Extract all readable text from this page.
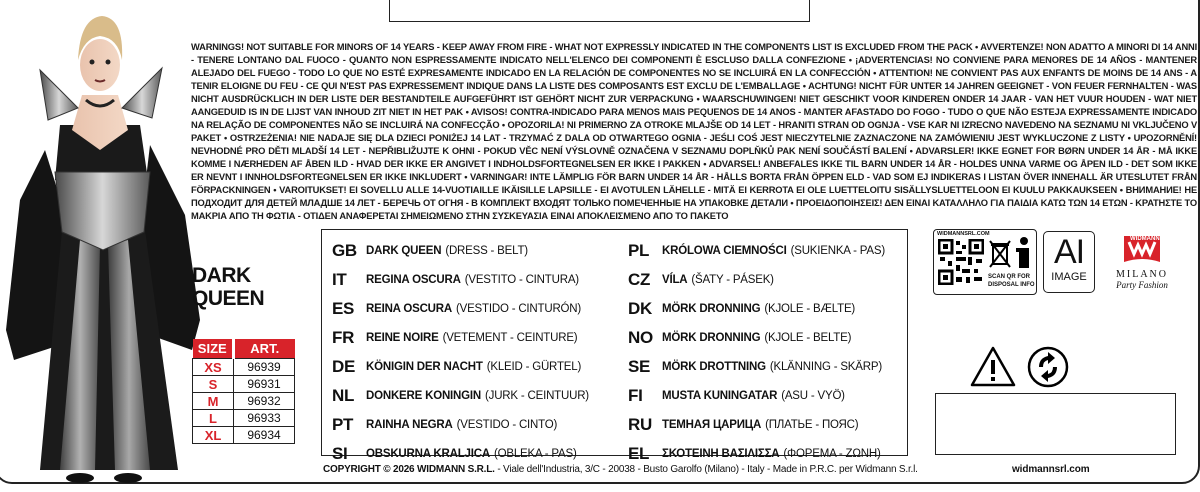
WARNINGS! NOT SUITABLE FOR MINORS OF 14 YEARS - KEEP AWAY FROM FIRE - WHAT NOT EXPRESSLY INDICATED IN THE COMPONENTS LIST IS EXCLUDED FROM THE PACK • AVVERTENZE! NON ADATTO A MINORI DI 14 ANNI - TENERE LONTANO DAL FUOCO - QUANTO NON ESPRESSAMENTE INDICATO NELL'ELENCO DEI COMPONENTI È ESCLUSO DALLA CONFEZIONE • ¡ADVERTENCIAS! NO CONVIENE PARA MENORES DE 14 AÑOS - MANTENER ALEJADO DEL FUEGO - TODO LO QUE NO ESTÉ EXPRESAMENTE INDICADO EN LA RELACIÓN DE COMPONENTES NO SE INCLUIRÁ EN LA CONFECCIÓN • ATTENTION! NE CONVIENT PAS AUX ENFANTS DE MOINS DE 14 ANS - A TENIR ELOIGNE DU FEU - CE QUI N'EST PAS EXPRESSEMENT INDIQUE DANS LA LISTE DES COMPOSANTS EST EXCLU DE L'EMBALLAGE • ACHTUNG! NICHT FÜR UNTER 14 JAHREN GEEIGNET - VON FEUER FERNHALTEN - WAS NICHT AUSDRÜCKLICH IN DER LISTE DER BESTANDTEILE AUFGEFÜHRT IST GEHÖRT NICHT ZUR VERPACKUNG • WAARSCHUWINGEN! NIET GESCHIKT VOOR KINDEREN ONDER 14 JAAR - VAN HET VUUR HOUDEN - WAT NIET AANGEDUID IS IN DE LIJST VAN INHOUD ZIT NIET IN HET PAK • AVISOS! CONTRA-INDICADO PARA MENOS MAIS PEQUENOS DE 14 ANOS - MANTER AFASTADO DO FOGO - TUDO O QUE NÃO ESTEJA EXPRESSAMENTE INDICADO NA RELAÇÃO DE COMPONENTES NÃO SE INCLUIRÁ NA CONFECÇÃO • OPOZORILA! NI PRIMERNO ZA OTROKE MLAJŠE OD 14 LET - HRANITI STRAN OD OGNJA - VSE KAR NI IZRECNO NAVEDENO NA SEZNAMU NI VKLJUČENO V PAKET • OSTRZEŻENIA! NIE NADAJE SIĘ DLA DZIECI PONIŻEJ 14 LAT - TRZYMAĆ Z DALA OD OTWARTEGO OGNIA - JEŚLI COŚ JEST NIECZYTELNIE ZAZNACZONE NA ZAMÓWIENIU JEST WYKLUCZONE Z LISTY • UPOZORNĚNÍ! NEVHODNÉ PRO DĚTI MLADŠÍ 14 LET - NEPŘIBLIŽUJTE K OHNI - POKUD VĚC NENÍ VÝSLOVNĚ OZNAČENA V SEZNAMU DOPLŇKŮ PAK NENÍ SOUČÁSTÍ BALENÍ • ADVARSLER! IKKE EGNET FOR BØRN UNDER 14 ÅR - MÅ IKKE KOMME I NÆRHEDEN AF ÅBEN ILD - HVAD DER IKKE ER ANGIVET I INDHOLDSFORTEGNELSEN ER IKKE I PAKKEN • ADVARSEL! ANBEFALES IKKE TIL BARN UNDER 14 ÅR - HOLDES UNNA VARME OG ÅPEN ILD - DET SOM IKKE ER NEVNT I INNHOLDSFORTEGNELSEN ER IKKE INKLUDERT • VARNINGAR! INTE LÄMPLIG FÖR BARN UNDER 14 ÅR - HÅLLS BORTA FRÅN ÖPPEN ELD - VAD SOM EJ INDIKERAS I LISTAN ÖVER INNEHALL ÄR UTESLUTET FRÅN FÖRPACKNINGEN • VAROITUKSET! EI SOVELLU ALLE 14-VUOTIAILLE IKÄISILLE LAPSILLE - EI AVOTULEN LÄHELLE - MITÄ EI KERROTA EI OLE LUETTELOITU SISÄLLYSLUETTELOON EI KUULU PAKKAUKSEEN • ВНИМАНИЕ! НЕ ПОДХОДИТ ДЛЯ ДЕТЕЙ МЛАДШЕ 14 ЛЕТ - БЕРЕЧЬ ОТ ОГНЯ - В КОМПЛЕКТ ВХОДЯТ ТОЛЬКО ПОМЕЧЕННЫЕ НА УПАКОВКЕ ДЕТАЛИ • ΠΡΟΕΙΔΟΠΟΙΗΣΕΙΣ! ΔΕΝ ΕΙΝΑΙ ΚΑΤΑΛΛΗΛΟ ΓΙΑ ΠΑΙΔΙΑ ΚΑΤΩ ΤΩΝ 14 ΕΤΩΝ - ΚΡΑΤΗΣΤΕ ΤΟ ΜΑΚΡΙΑ ΑΠΟ ΤΗ ΦΩΤΙΑ - ΟΤΙΔΕΝ ΑΝΑΦΕΡΕΤΑΙ ΣΗΜΕΙΩΜΕΝΟ ΣΤΗΝ ΣΥΣΚΕΥΑΣΙΑ ΕΙΝΑΙ ΑΠΟΚΛΕΙΣΜΕΝΟ ΑΠΟ ΤΟ ΠΑΚΕΤΟ
DARK
QUEEN
SIZE	ART.
XS	96939
S	96931
M	96932
L	96933
XL	96934
GB DARK QUEEN (DRESS - BELT)
IT	REGINA OSCURA (VESTITO - CINTURA)
ES	REINA OSCURA (VESTIDO - CINTURÓN)
FR	REINE NOIRE (VETEMENT - CEINTURE)
DE KÖNIGIN DER NACHT (KLEID - GÜRTEL)
NL	DONKERE KONINGIN (JURK - CEINTUUR)
PT	RAINHA NEGRA (VESTIDO - CINTO)
SI	OBSKURNA KRALJICA (OBLEKA - PAS)
PL	KRÓLOWA CIEMNOŚCI (SUKIENKA - PAS)
CZ	VÍLA (ŠATY - PÁSEK)
DK MÖRK DRONNING (KJOLE - BÆLTE)
NO MÖRK DRONNING (KJOLE - BELTE)
SE	MÖRK DROTTNING (KLÄNNING - SKÄRP)
FI	MUSTA KUNINGATAR (ASU - VYÖ)
RU ТЕМНАЯ ЦАРИЦА (ПЛАТЬЕ - ПОЯС)
EL	ΣΚΟΤΕΙΝΗ ΒΑΣΙΛΙΣΣΑ (ΦΟΡΕΜΑ - ΖΩΝΗ)
WIDMANNSRL.COM
SCAN QR FOR
DISPOSAL INFO
AI
IMAGE
WIDMANN
MILANO
Party Fashion
COPYRIGHT © 2026 WIDMANN S.R.L. - Viale dell'Industria, 3/C - 20038 - Busto Garolfo (Milano) - Italy - Made in P.R.C. per Widmann S.r.l.	widmannsrl.com
